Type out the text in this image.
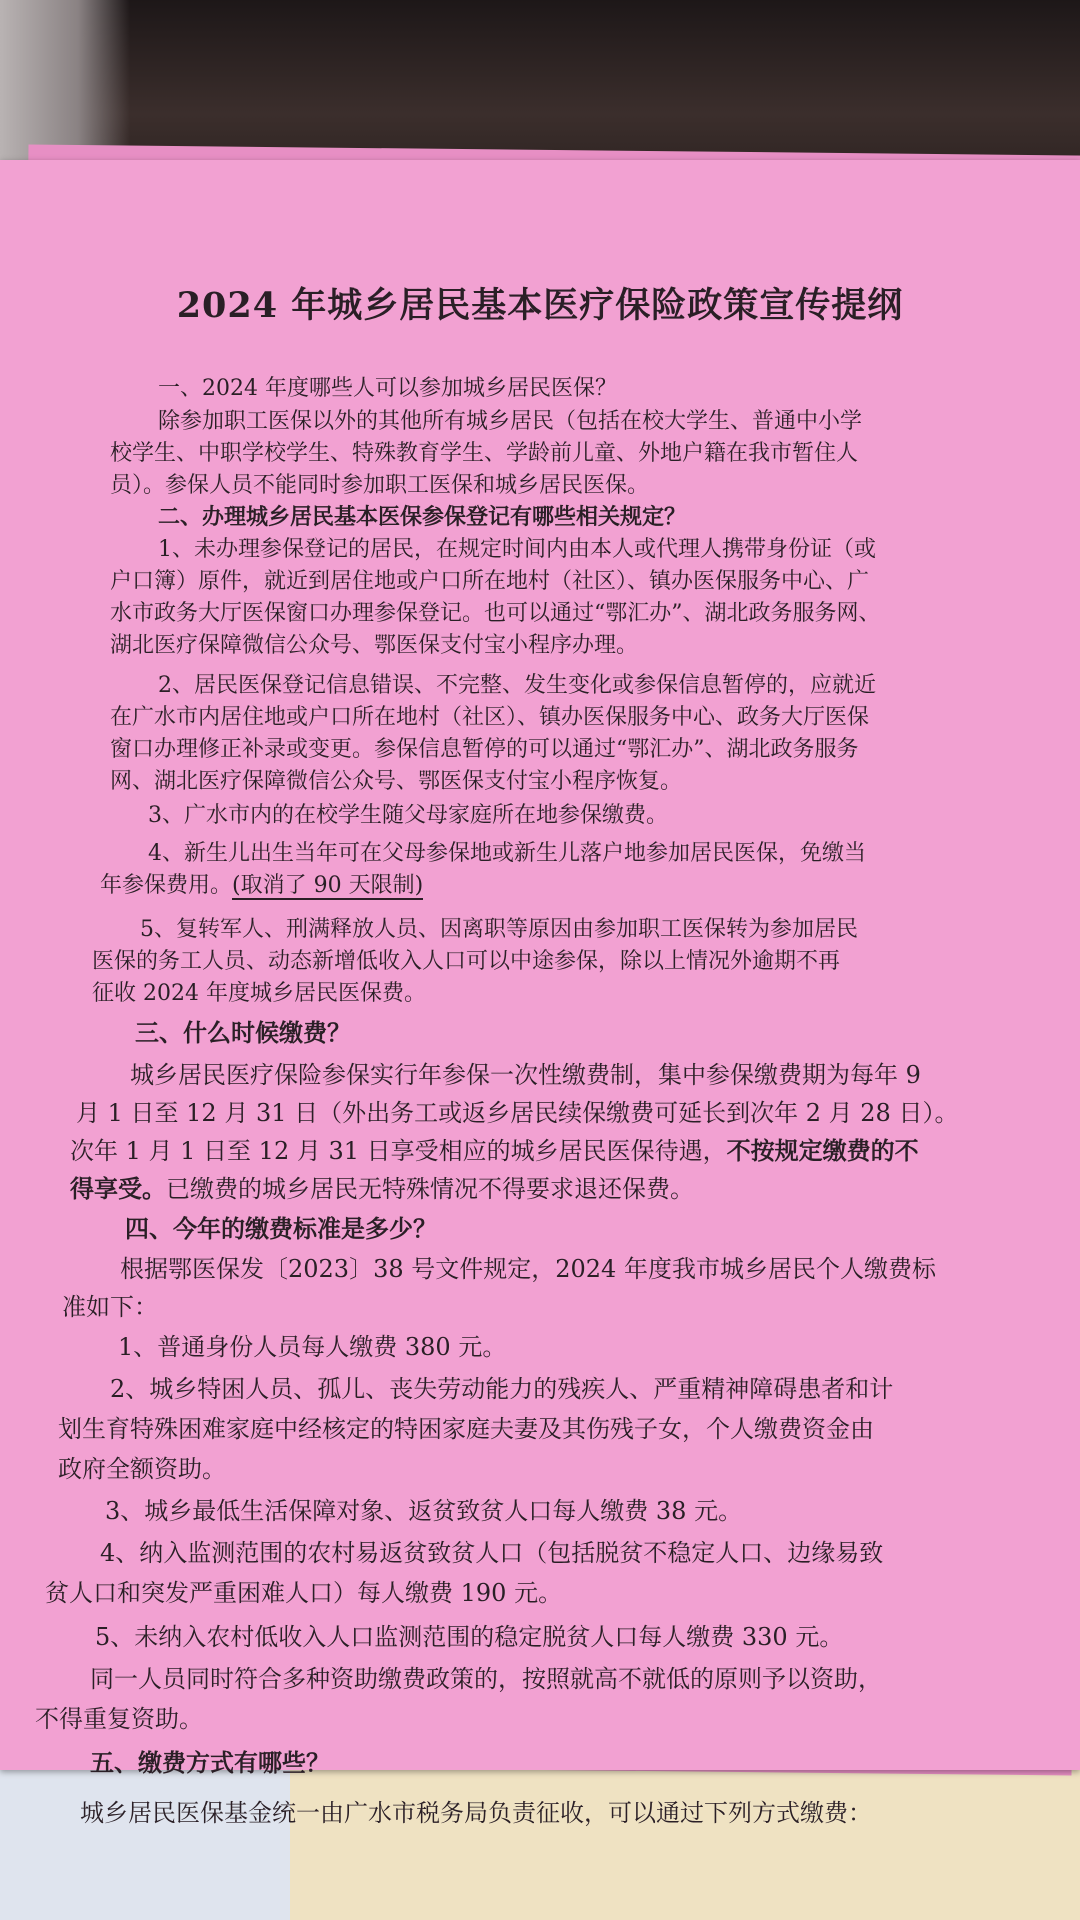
2024 年城乡居民基本医疗保险政策宣传提纲
一、2024 年度哪些人可以参加城乡居民医保？
除参加职工医保以外的其他所有城乡居民（包括在校大学生、普通中小学
校学生、中职学校学生、特殊教育学生、学龄前儿童、外地户籍在我市暂住人
员）。参保人员不能同时参加职工医保和城乡居民医保。
二、办理城乡居民基本医保参保登记有哪些相关规定？
1、未办理参保登记的居民，在规定时间内由本人或代理人携带身份证（或
户口簿）原件，就近到居住地或户口所在地村（社区）、镇办医保服务中心、广
水市政务大厅医保窗口办理参保登记。也可以通过“鄂汇办”、湖北政务服务网、
湖北医疗保障微信公众号、鄂医保支付宝小程序办理。
2、居民医保登记信息错误、不完整、发生变化或参保信息暂停的，应就近
在广水市内居住地或户口所在地村（社区）、镇办医保服务中心、政务大厅医保
窗口办理修正补录或变更。参保信息暂停的可以通过“鄂汇办”、湖北政务服务
网、湖北医疗保障微信公众号、鄂医保支付宝小程序恢复。
3、广水市内的在校学生随父母家庭所在地参保缴费。
4、新生儿出生当年可在父母参保地或新生儿落户地参加居民医保，免缴当
年参保费用。(取消了 90 天限制)
5、复转军人、刑满释放人员、因离职等原因由参加职工医保转为参加居民
医保的务工人员、动态新增低收入人口可以中途参保，除以上情况外逾期不再
征收 2024 年度城乡居民医保费。
三、什么时候缴费？
城乡居民医疗保险参保实行年参保一次性缴费制，集中参保缴费期为每年 9
月 1 日至 12 月 31 日（外出务工或返乡居民续保缴费可延长到次年 2 月 28 日）。
次年 1 月 1 日至 12 月 31 日享受相应的城乡居民医保待遇，不按规定缴费的不
得享受。已缴费的城乡居民无特殊情况不得要求退还保费。
四、今年的缴费标准是多少？
根据鄂医保发〔2023〕38 号文件规定，2024 年度我市城乡居民个人缴费标
准如下：
1、普通身份人员每人缴费 380 元。
2、城乡特困人员、孤儿、丧失劳动能力的残疾人、严重精神障碍患者和计
划生育特殊困难家庭中经核定的特困家庭夫妻及其伤残子女，个人缴费资金由
政府全额资助。
3、城乡最低生活保障对象、返贫致贫人口每人缴费 38 元。
4、纳入监测范围的农村易返贫致贫人口（包括脱贫不稳定人口、边缘易致
贫人口和突发严重困难人口）每人缴费 190 元。
5、未纳入农村低收入人口监测范围的稳定脱贫人口每人缴费 330 元。
同一人员同时符合多种资助缴费政策的，按照就高不就低的原则予以资助，
不得重复资助。
五、缴费方式有哪些？
城乡居民医保基金统一由广水市税务局负责征收，可以通过下列方式缴费：
